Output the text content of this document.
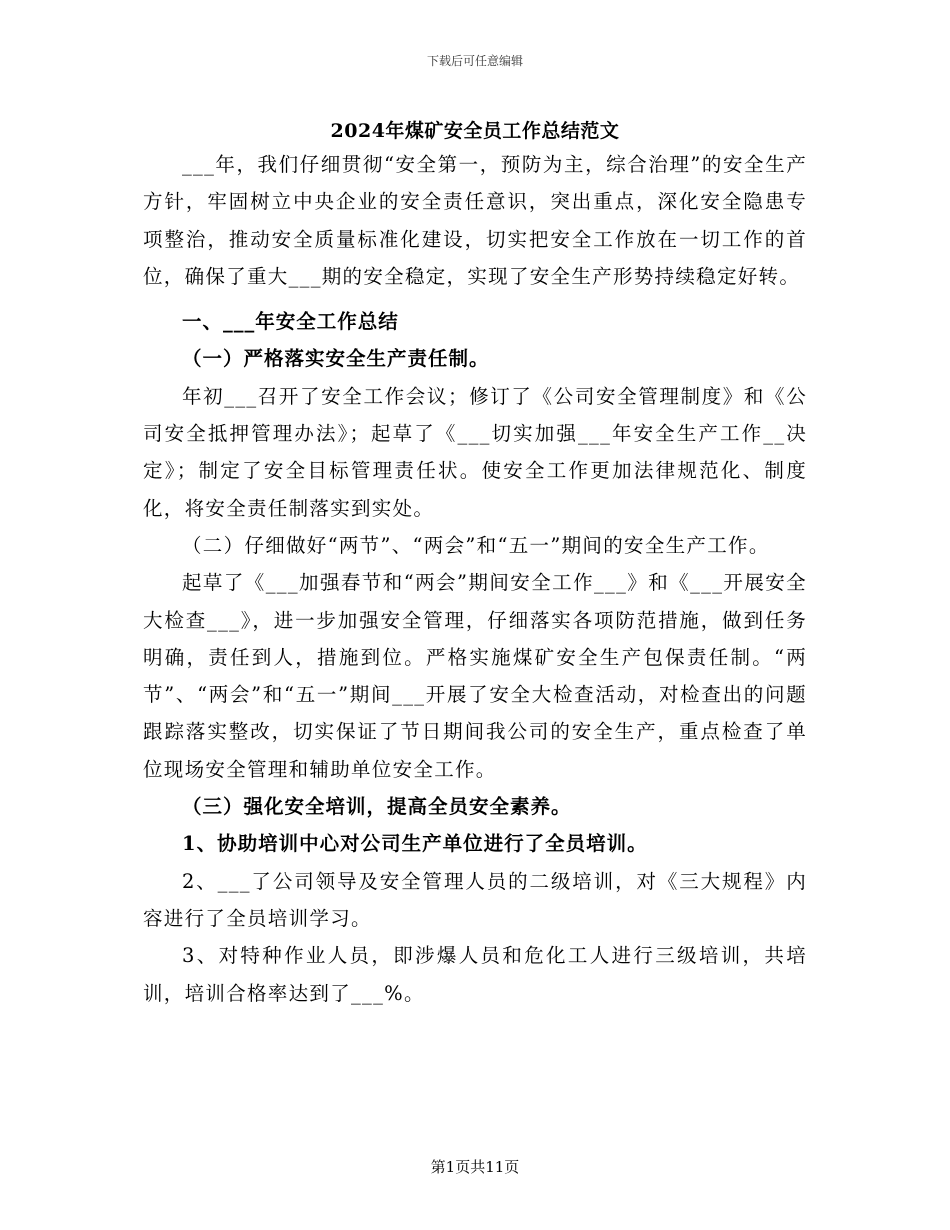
下载后可任意编辑
2024年煤矿安全员工作总结范文

___年，我们仔细贯彻“安全第一，预防为主，综合治理”的安全生产方针，牢固树立中央企业的安全责任意识，突出重点，深化安全隐患专项整治，推动安全质量标准化建设，切实把安全工作放在一切工作的首位，确保了重大___期的安全稳定，实现了安全生产形势持续稳定好转。

一、___年安全工作总结

（一）严格落实安全生产责任制。

年初___召开了安全工作会议；修订了《公司安全管理制度》和《公司安全抵押管理办法》；起草了《___切实加强___年安全生产工作__决定》；制定了安全目标管理责任状。使安全工作更加法律规范化、制度化，将安全责任制落实到实处。

（二）仔细做好“两节”、“两会”和“五一”期间的安全生产工作。

起草了《___加强春节和“两会”期间安全工作___》和《___开展安全大检查___》，进一步加强安全管理，仔细落实各项防范措施，做到任务明确，责任到人，措施到位。严格实施煤矿安全生产包保责任制。“两节”、“两会”和“五一”期间___开展了安全大检查活动，对检查出的问题跟踪落实整改，切实保证了节日期间我公司的安全生产，重点检查了单位现场安全管理和辅助单位安全工作。

（三）强化安全培训，提高全员安全素养。

1、协助培训中心对公司生产单位进行了全员培训。

2、___了公司领导及安全管理人员的二级培训，对《三大规程》内容进行了全员培训学习。

3、对特种作业人员，即涉爆人员和危化工人进行三级培训，共培训，培训合格率达到了___%。

第1页共11页
